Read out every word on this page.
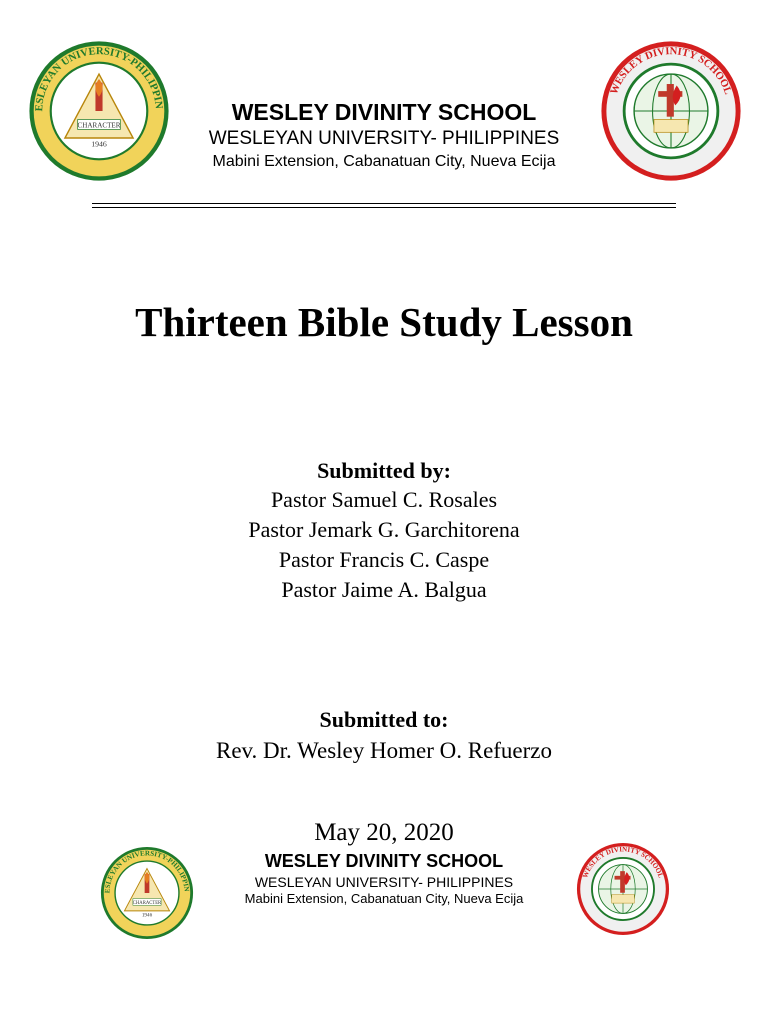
WESLEY DIVINITY SCHOOL
WESLEYAN UNIVERSITY- PHILIPPINES
Mabini Extension, Cabanatuan City, Nueva Ecija
Thirteen Bible Study Lesson
Submitted by:
Pastor Samuel C. Rosales
Pastor Jemark G. Garchitorena
Pastor Francis C. Caspe
Pastor Jaime A. Balgua
Submitted to:
Rev. Dr. Wesley Homer O. Refuerzo
May 20, 2020
WESLEY DIVINITY SCHOOL
WESLEYAN UNIVERSITY- PHILIPPINES
Mabini Extension, Cabanatuan City, Nueva Ecija
